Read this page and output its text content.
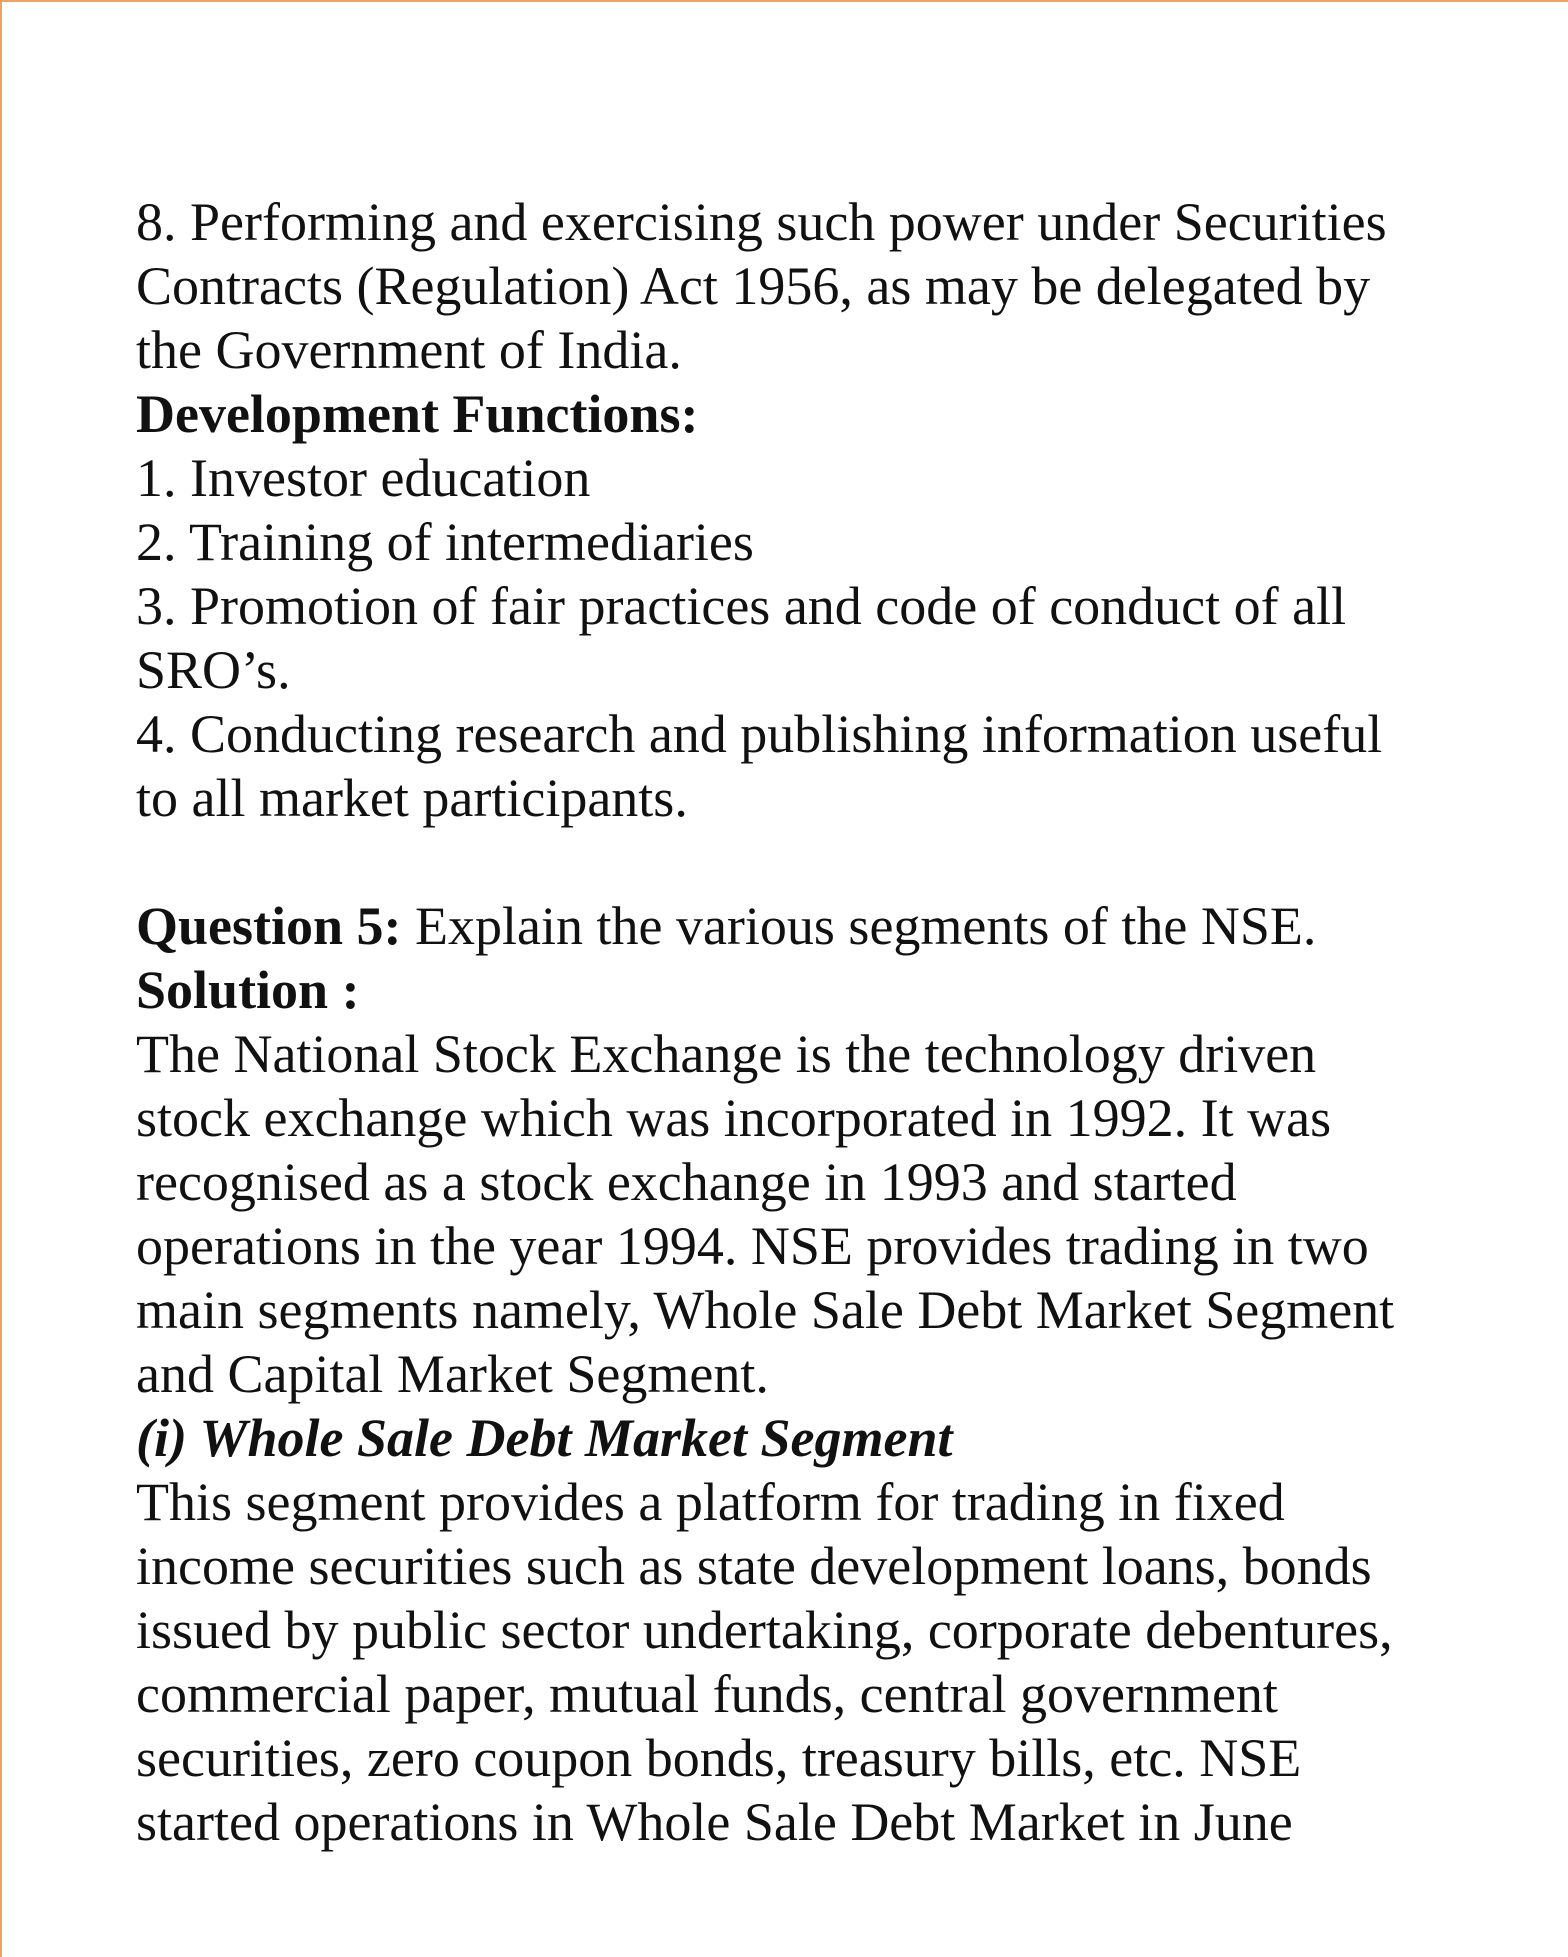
8. Performing and exercising such power under Securities

Contracts (Regulation) Act 1956, as may be delegated by

the Government of India.

Development Functions:

1. Investor education

2. Training of intermediaries

3. Promotion of fair practices and code of conduct of all

SRO’s.

4. Conducting research and publishing information useful

to all market participants.

Question 5: Explain the various segments of the NSE.

Solution :

The National Stock Exchange is the technology driven

stock exchange which was incorporated in 1992. It was

recognised as a stock exchange in 1993 and started

operations in the year 1994. NSE provides trading in two

main segments namely, Whole Sale Debt Market Segment

and Capital Market Segment.

(i) Whole Sale Debt Market Segment

This segment provides a platform for trading in fixed

income securities such as state development loans, bonds

issued by public sector undertaking, corporate debentures,

commercial paper, mutual funds, central government

securities, zero coupon bonds, treasury bills, etc. NSE

started operations in Whole Sale Debt Market in June
